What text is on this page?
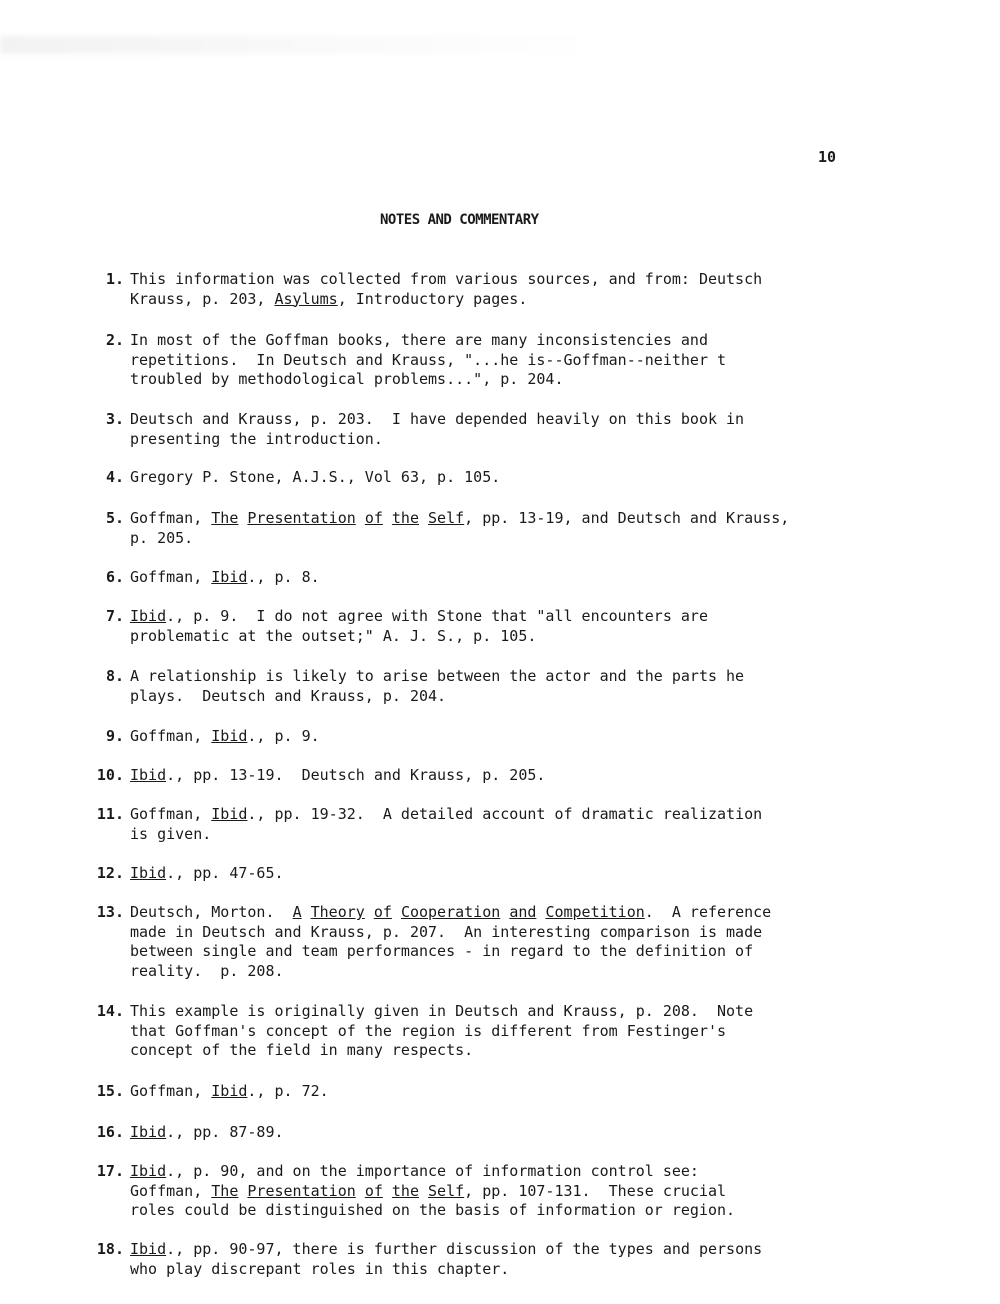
10
NOTES AND COMMENTARY
1. This information was collected from various sources, and from: Deutsch
Krauss, p. 203, Asylums, Introductory pages.
2. In most of the Goffman books, there are many inconsistencies and
repetitions.  In Deutsch and Krauss, "...he is--Goffman--neither t
troubled by methodological problems...", p. 204.
3. Deutsch and Krauss, p. 203.  I have depended heavily on this book in
presenting the introduction.
4. Gregory P. Stone, A.J.S., Vol 63, p. 105.
5. Goffman, The Presentation of the Self, pp. 13-19, and Deutsch and Krauss,
p. 205.
6. Goffman, Ibid., p. 8.
7. Ibid., p. 9.  I do not agree with Stone that "all encounters are
problematic at the outset;" A. J. S., p. 105.
8. A relationship is likely to arise between the actor and the parts he
plays.  Deutsch and Krauss, p. 204.
9. Goffman, Ibid., p. 9.
10. Ibid., pp. 13-19.  Deutsch and Krauss, p. 205.
11. Goffman, Ibid., pp. 19-32.  A detailed account of dramatic realization
is given.
12. Ibid., pp. 47-65.
13. Deutsch, Morton.  A Theory of Cooperation and Competition.  A reference
made in Deutsch and Krauss, p. 207.  An interesting comparison is made
between single and team performances - in regard to the definition of
reality.  p. 208.
14. This example is originally given in Deutsch and Krauss, p. 208.  Note
that Goffman's concept of the region is different from Festinger's
concept of the field in many respects.
15. Goffman, Ibid., p. 72.
16. Ibid., pp. 87-89.
17. Ibid., p. 90, and on the importance of information control see:
Goffman, The Presentation of the Self, pp. 107-131.  These crucial
roles could be distinguished on the basis of information or region.
18. Ibid., pp. 90-97, there is further discussion of the types and persons
who play discrepant roles in this chapter.
